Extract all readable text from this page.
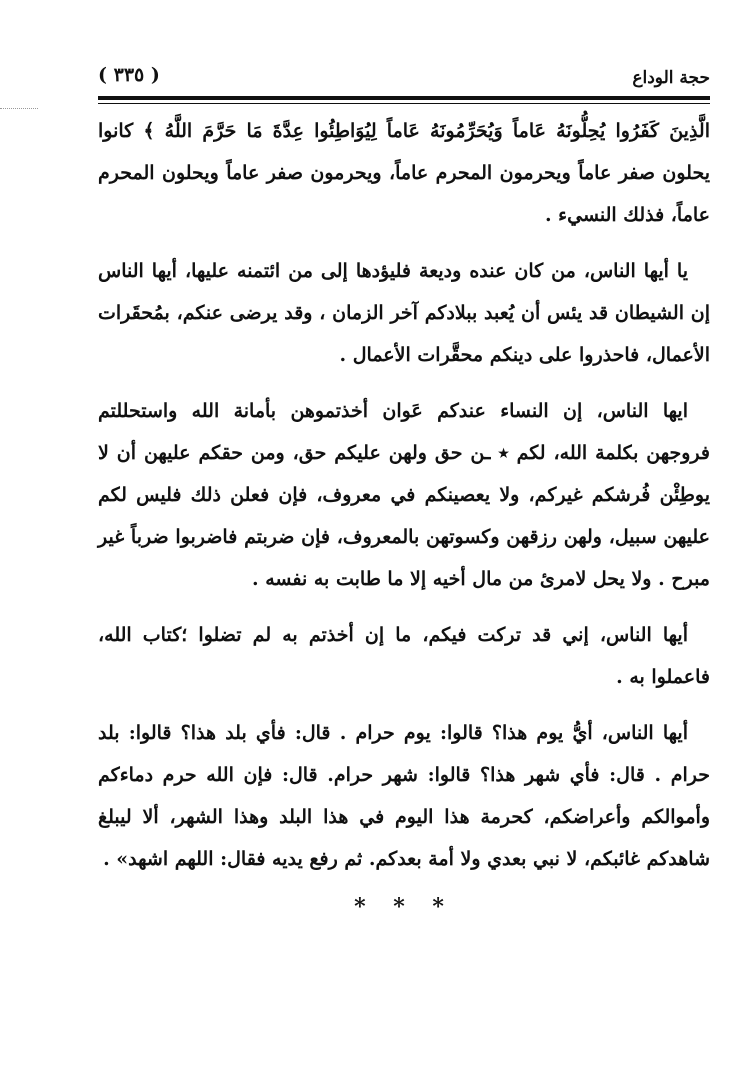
حجة الوداع
( ٣٣٥ )

الَّذِينَ كَفَرُوا يُحِلُّونَهُ عَاماً وَيُحَرِّمُونَهُ عَاماً لِيُوَاطِئُوا عِدَّةَ مَا حَرَّمَ اللَّهُ ﴾ كانوا يحلون صفر عاماً ويحرمون المحرم عاماً، ويحرمون صفر عاماً ويحلون المحرم عاماً، فذلك النسيء .

يا أيها الناس، من كان عنده وديعة فليؤدها إلى من ائتمنه عليها، أيها الناس إن الشيطان قد يئس أن يُعبد ببلادكم آخر الزمان ، وقد يرضى عنكم، بمُحقَرات الأعمال، فاحذروا على دينكم محقَّرات الأعمال .

ايها الناس، إن النساء عندكم عَوان أخذتموهن بأمانة الله واستحللتم فروجهن بكلمة الله، لكم ٭ ـن حق ولهن عليكم حق، ومن حقكم عليهن أن لا يوطِئْن فُرشكم غيركم، ولا يعصينكم في معروف، فإن فعلن ذلك فليس لكم عليهن سبيل، ولهن رزقهن وكسوتهن بالمعروف، فإن ضربتم فاضربوا ضرباً غير مبرح . ولا يحل لامرئ من مال أخيه إلا ما طابت به نفسه .

أيها الناس، إني قد تركت فيكم، ما إن أخذتم به لم تضلوا ؛كتاب الله، فاعملوا به .

أيها الناس، أيُّ يوم هذا؟ قالوا: يوم حرام . قال: فأي بلد هذا؟ قالوا: بلد حرام . قال: فأي شهر هذا؟ قالوا: شهر حرام. قال: فإن الله حرم دماءكم وأموالكم وأعراضكم، كحرمة هذا اليوم في هذا البلد وهذا الشهر، ألا ليبلغ شاهدكم غائبكم، لا نبي بعدي ولا أمة بعدكم. ثم رفع يديه فقال: اللهم اشهد» .

* * *
